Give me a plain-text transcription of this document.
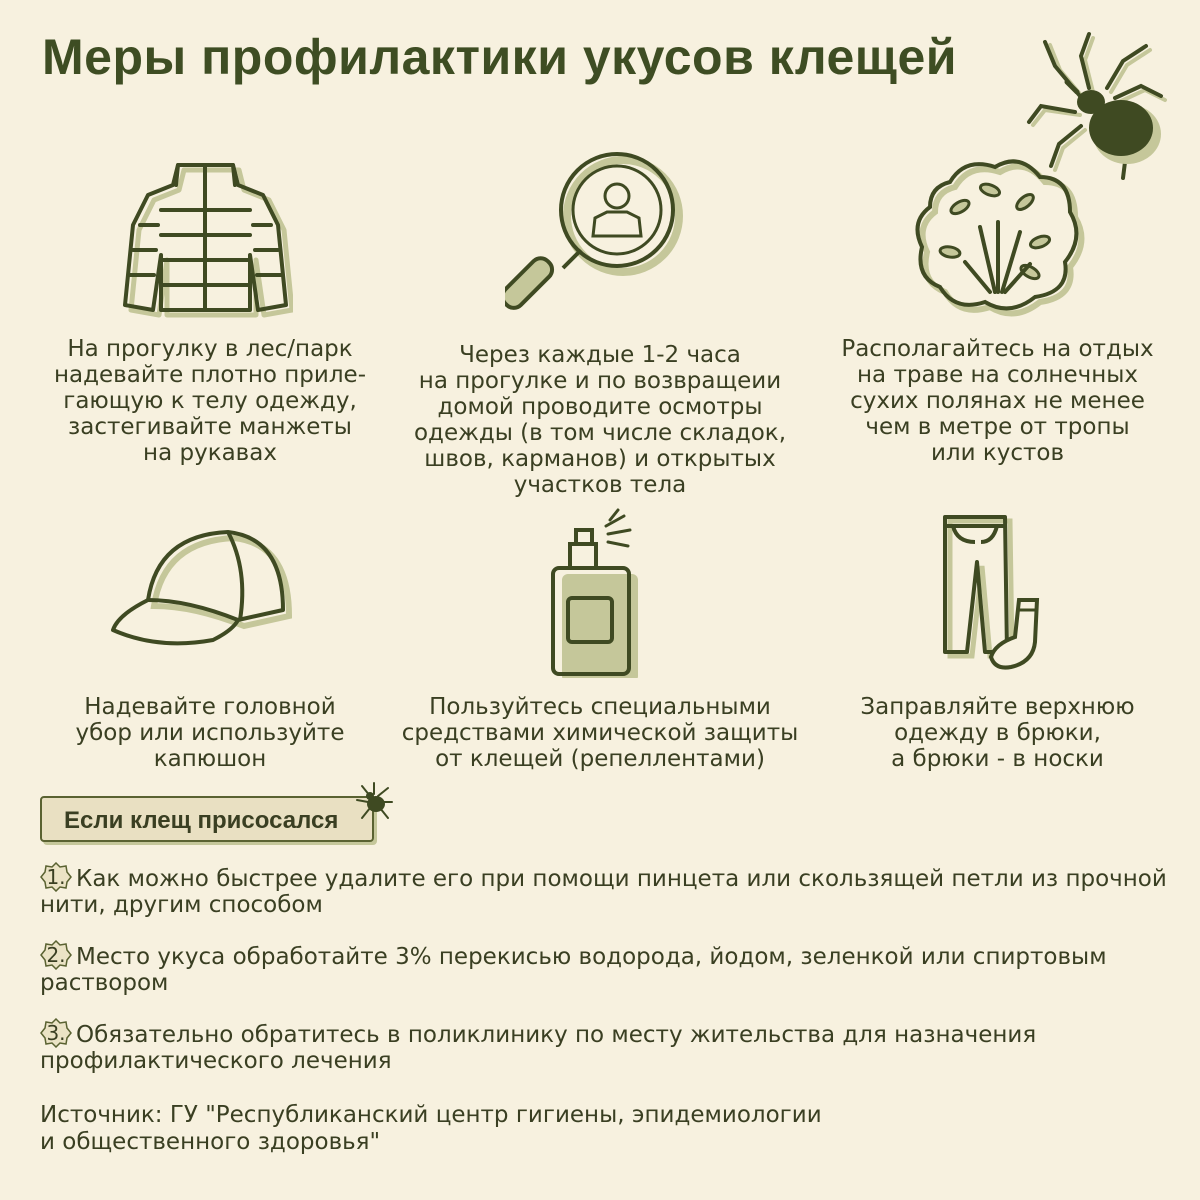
Меры профилактики укусов клещей
На прогулку в лес/парк
надевайте плотно прилe-
гающую к телу одежду,
застегивайте манжеты
на рукавах
Через каждые 1-2 часа
на прогулке и по возвращеии
домой проводите осмотры
одежды (в том числе складок,
швов, карманов) и открытых
участков тела
Располагайтесь на отдых
на траве на солнечных
сухих полянах не менее
чем в метре от тропы
или кустов
Надевайте головной
убор или используйте
капюшон
Пользуйтесь специальными
средствами химической защиты
от клещей (репеллентами)
Заправляйте верхнюю
одежду в брюки,
а брюки - в носки
Если клещ присосался
1. Как можно быстрее удалите его при помощи пинцета или скользящей петли из прочной нити, другим способом
2. Место укуса обработайте 3% перекисью водорода, йодом, зеленкой или спиртовым раствором
3. Обязательно обратитесь в поликлинику по месту жительства для назначения профилактического лечения
Источник: ГУ "Республиканский центр гигиены, эпидемиологии
и общественного здоровья"
